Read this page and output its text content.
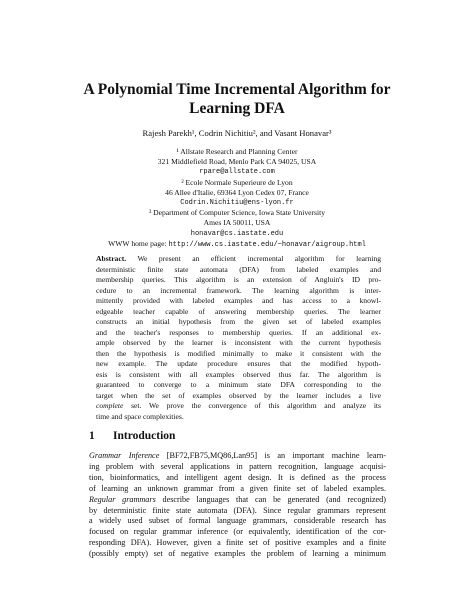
A Polynomial Time Incremental Algorithm for
Learning DFA
Rajesh Parekh¹, Codrin Nichitiu², and Vasant Honavar³
¹ Allstate Research and Planning Center
321 Middlefield Road, Menlo Park CA 94025, USA
rpare@allstate.com
² Ecole Normale Superieure de Lyon
46 Allee d'Italie, 69364 Lyon Cedex 07, France
Codrin.Nichitiu@ens-lyon.fr
³ Department of Computer Science, Iowa State University
Ames IA 50011, USA
honavar@cs.iastate.edu
WWW home page: http://www.cs.iastate.edu/~honavar/aigroup.html
Abstract. We present an efficient incremental algorithm for learning
deterministic finite state automata (DFA) from labeled examples and
membership queries. This algorithm is an extension of Angluin's ID pro-
cedure to an incremental framework. The learning algorithm is inter-
mittently provided with labeled examples and has access to a knowl-
edgeable teacher capable of answering membership queries. The learner
constructs an initial hypothesis from the given set of labeled examples
and the teacher's responses to membership queries. If an additional ex-
ample observed by the learner is inconsistent with the current hypothesis
then the hypothesis is modified minimally to make it consistent with the
new example. The update procedure ensures that the modified hypoth-
esis is consistent with all examples observed thus far. The algorithm is
guaranteed to converge to a minimum state DFA corresponding to the
target when the set of examples observed by the learner includes a live
complete set. We prove the convergence of this algorithm and analyze its
time and space complexities.
1 Introduction
Grammar Inference [BF72,FB75,MQ86,Lan95] is an important machine learn-
ing problem with several applications in pattern recognition, language acquisi-
tion, bioinformatics, and intelligent agent design. It is defined as the process
of learning an unknown grammar from a given finite set of labeled examples.
Regular grammars describe languages that can be generated (and recognized)
by deterministic finite state automata (DFA). Since regular grammars represent
a widely used subset of formal language grammars, considerable research has
focused on regular grammar inference (or equivalently, identification of the cor-
responding DFA). However, given a finite set of positive examples and a finite
(possibly empty) set of negative examples the problem of learning a minimum
